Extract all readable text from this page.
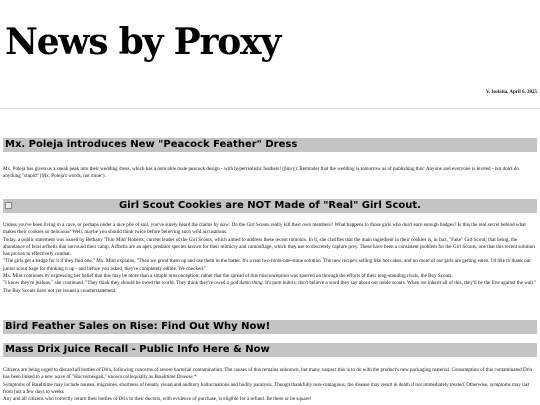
News by Proxy
V. Isolatia, April 6, 2025
Mx. Poleja introduces New "Peacock Feather" Dress

Mx. Poleja has given us a sneak peak into their wedding dress, which has a noticable male peacock design - with hyperrealistic feathers! (fancy). Reminder that the wedding is tomorrow as of publishing this! Anyone and everyone is invited - but don't do anything "stupid" (Mx. Poleja's words, not mine!).

Girl Scout Cookies are NOT Made of "Real" Girl Scout.

Unless you've been living in a cave, or perhaps under a nice pile of soil, you've surely heard the claims by now: Do the Girl Scouts really kill their own members? What happens to those girls who don't earn enough badges? Is this the real secret behind what makes their cookies so delicious? Well, maybe you should think twice before believing such wild accusations.

Today, a public statement was issued by Bethany 'Thin Mint' Roberts, current leader of the Girl Scouts, which aimed to address these recent rumours. In it, she clarifies that the main ingredient in their cookies is, in fact, "Fake" Girl Scout; that being, the abundance of feral arfbells that surround their camp. Arfbells are an apex predator species known for their mimicry and camouflage, which they use to discretely capture prey. These have been a consistent problem for the Girl Scouts, one that this recent solution has proven to effectively combat.

"The girls get a badge for it if they find one," Mx. Mint explains, "Then we grind them up and use them in the batter. It's a real two-birds-one-stone solution. The new recipe's selling like hot cakes, and no more of our girls are getting eaten. I'd like to thank our junior scout Sage for thinking it up - and before you asked, they're completely edible. We checked."

Mx. Mint continues by expressing her belief that this may be more than a simple misconception; rather that the spread of this misconception was spurred on through the efforts of their long-standing rivals, the Boy Scouts.

"I know they're jealous," she continued. "They think they should be owed the world. They think they're owed a god damn thing. It's pure hubris; don't believe a word they say about our noble scouts. When we inherit all of this, they'll be the first against the wall." The Boy Scouts have not yet issued a counterstatement.

Bird Feather Sales on Rise: Find Out Why Now!
Mass Drix Juice Recall - Public Info Here & Now

Citizens are being urged to discard all bottles of Drix, following concerns of severe bacterial contamination. The causes of this remains unknown, but many suspect this is to do with the product's new packaging material. Consumption of this contaminated Drix has been linked to a new wave of "Hocvernesgait," known colloquially as Bauditime Disease.*

Symptoms of Bauditime may include nausea, migraines, shortness of breath, visual and auditory hallucinations and bodily paralysis. Though thankfully non-contagious, the disease may result in death if not immediately treated. Otherwise, symptoms may last from just a few days to weeks

Any and all citizens who correctly return their bottles of Drix to their doctors, with evidence of purchase, is eligible for a refund. Be there or be square!
